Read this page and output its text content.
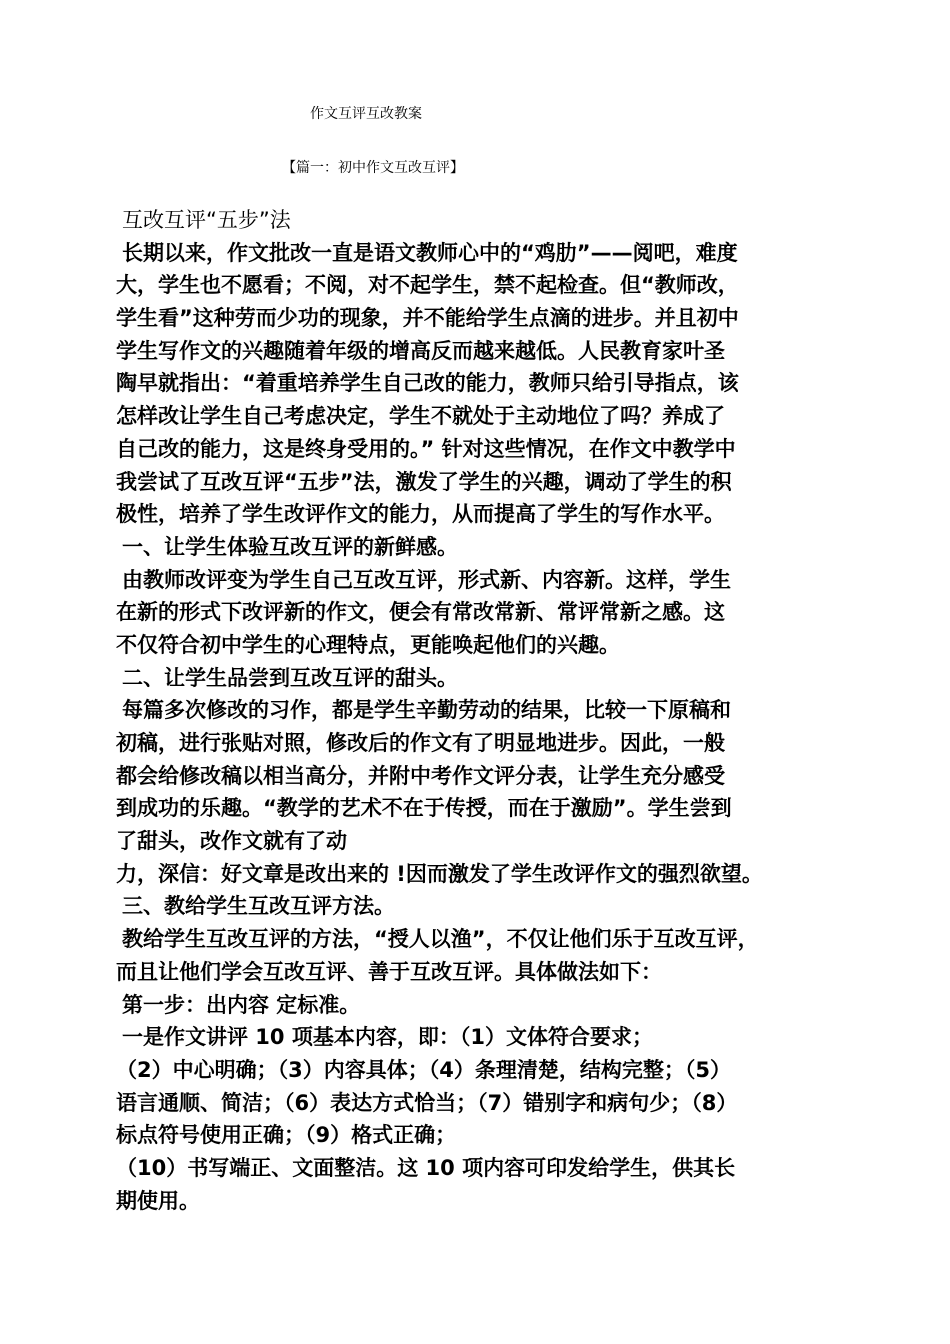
作文互评互改教案
【篇一：初中作文互改互评】
互改互评“五步”法
长期以来，作文批改一直是语文教师心中的“鸡肋”——阅吧，难度
大，学生也不愿看；不阅，对不起学生，禁不起检查。但“教师改，
学生看”这种劳而少功的现象，并不能给学生点滴的进步。并且初中
学生写作文的兴趣随着年级的增高反而越来越低。人民教育家叶圣
陶早就指出：“着重培养学生自己改的能力，教师只给引导指点，该
怎样改让学生自己考虑决定，学生不就处于主动地位了吗？养成了
自己改的能力，这是终身受用的。” 针对这些情况，在作文中教学中
我尝试了互改互评“五步”法，激发了学生的兴趣，调动了学生的积
极性，培养了学生改评作文的能力，从而提高了学生的写作水平。
一、让学生体验互改互评的新鲜感。
由教师改评变为学生自己互改互评，形式新、内容新。这样，学生
在新的形式下改评新的作文，便会有常改常新、常评常新之感。这
不仅符合初中学生的心理特点，更能唤起他们的兴趣。
二、让学生品尝到互改互评的甜头。
每篇多次修改的习作，都是学生辛勤劳动的结果，比较一下原稿和
初稿，进行张贴对照，修改后的作文有了明显地进步。因此，一般
都会给修改稿以相当高分，并附中考作文评分表，让学生充分感受
到成功的乐趣。“教学的艺术不在于传授，而在于激励”。学生尝到
了甜头，改作文就有了动
力，深信：好文章是改出来的 !因而激发了学生改评作文的强烈欲望。
三、教给学生互改互评方法。
教给学生互改互评的方法，“授人以渔”，不仅让他们乐于互改互评，
而且让他们学会互改互评、善于互改互评。具体做法如下：
第一步：出内容 定标准。
一是作文讲评 10 项基本内容，即：（1）文体符合要求；
（2）中心明确；（3）内容具体；（4）条理清楚，结构完整；（5）
语言通顺、简洁；（6）表达方式恰当；（7）错别字和病句少；（8）
标点符号使用正确；（9）格式正确；
（10）书写端正、文面整洁。这 10 项内容可印发给学生，供其长
期使用。
